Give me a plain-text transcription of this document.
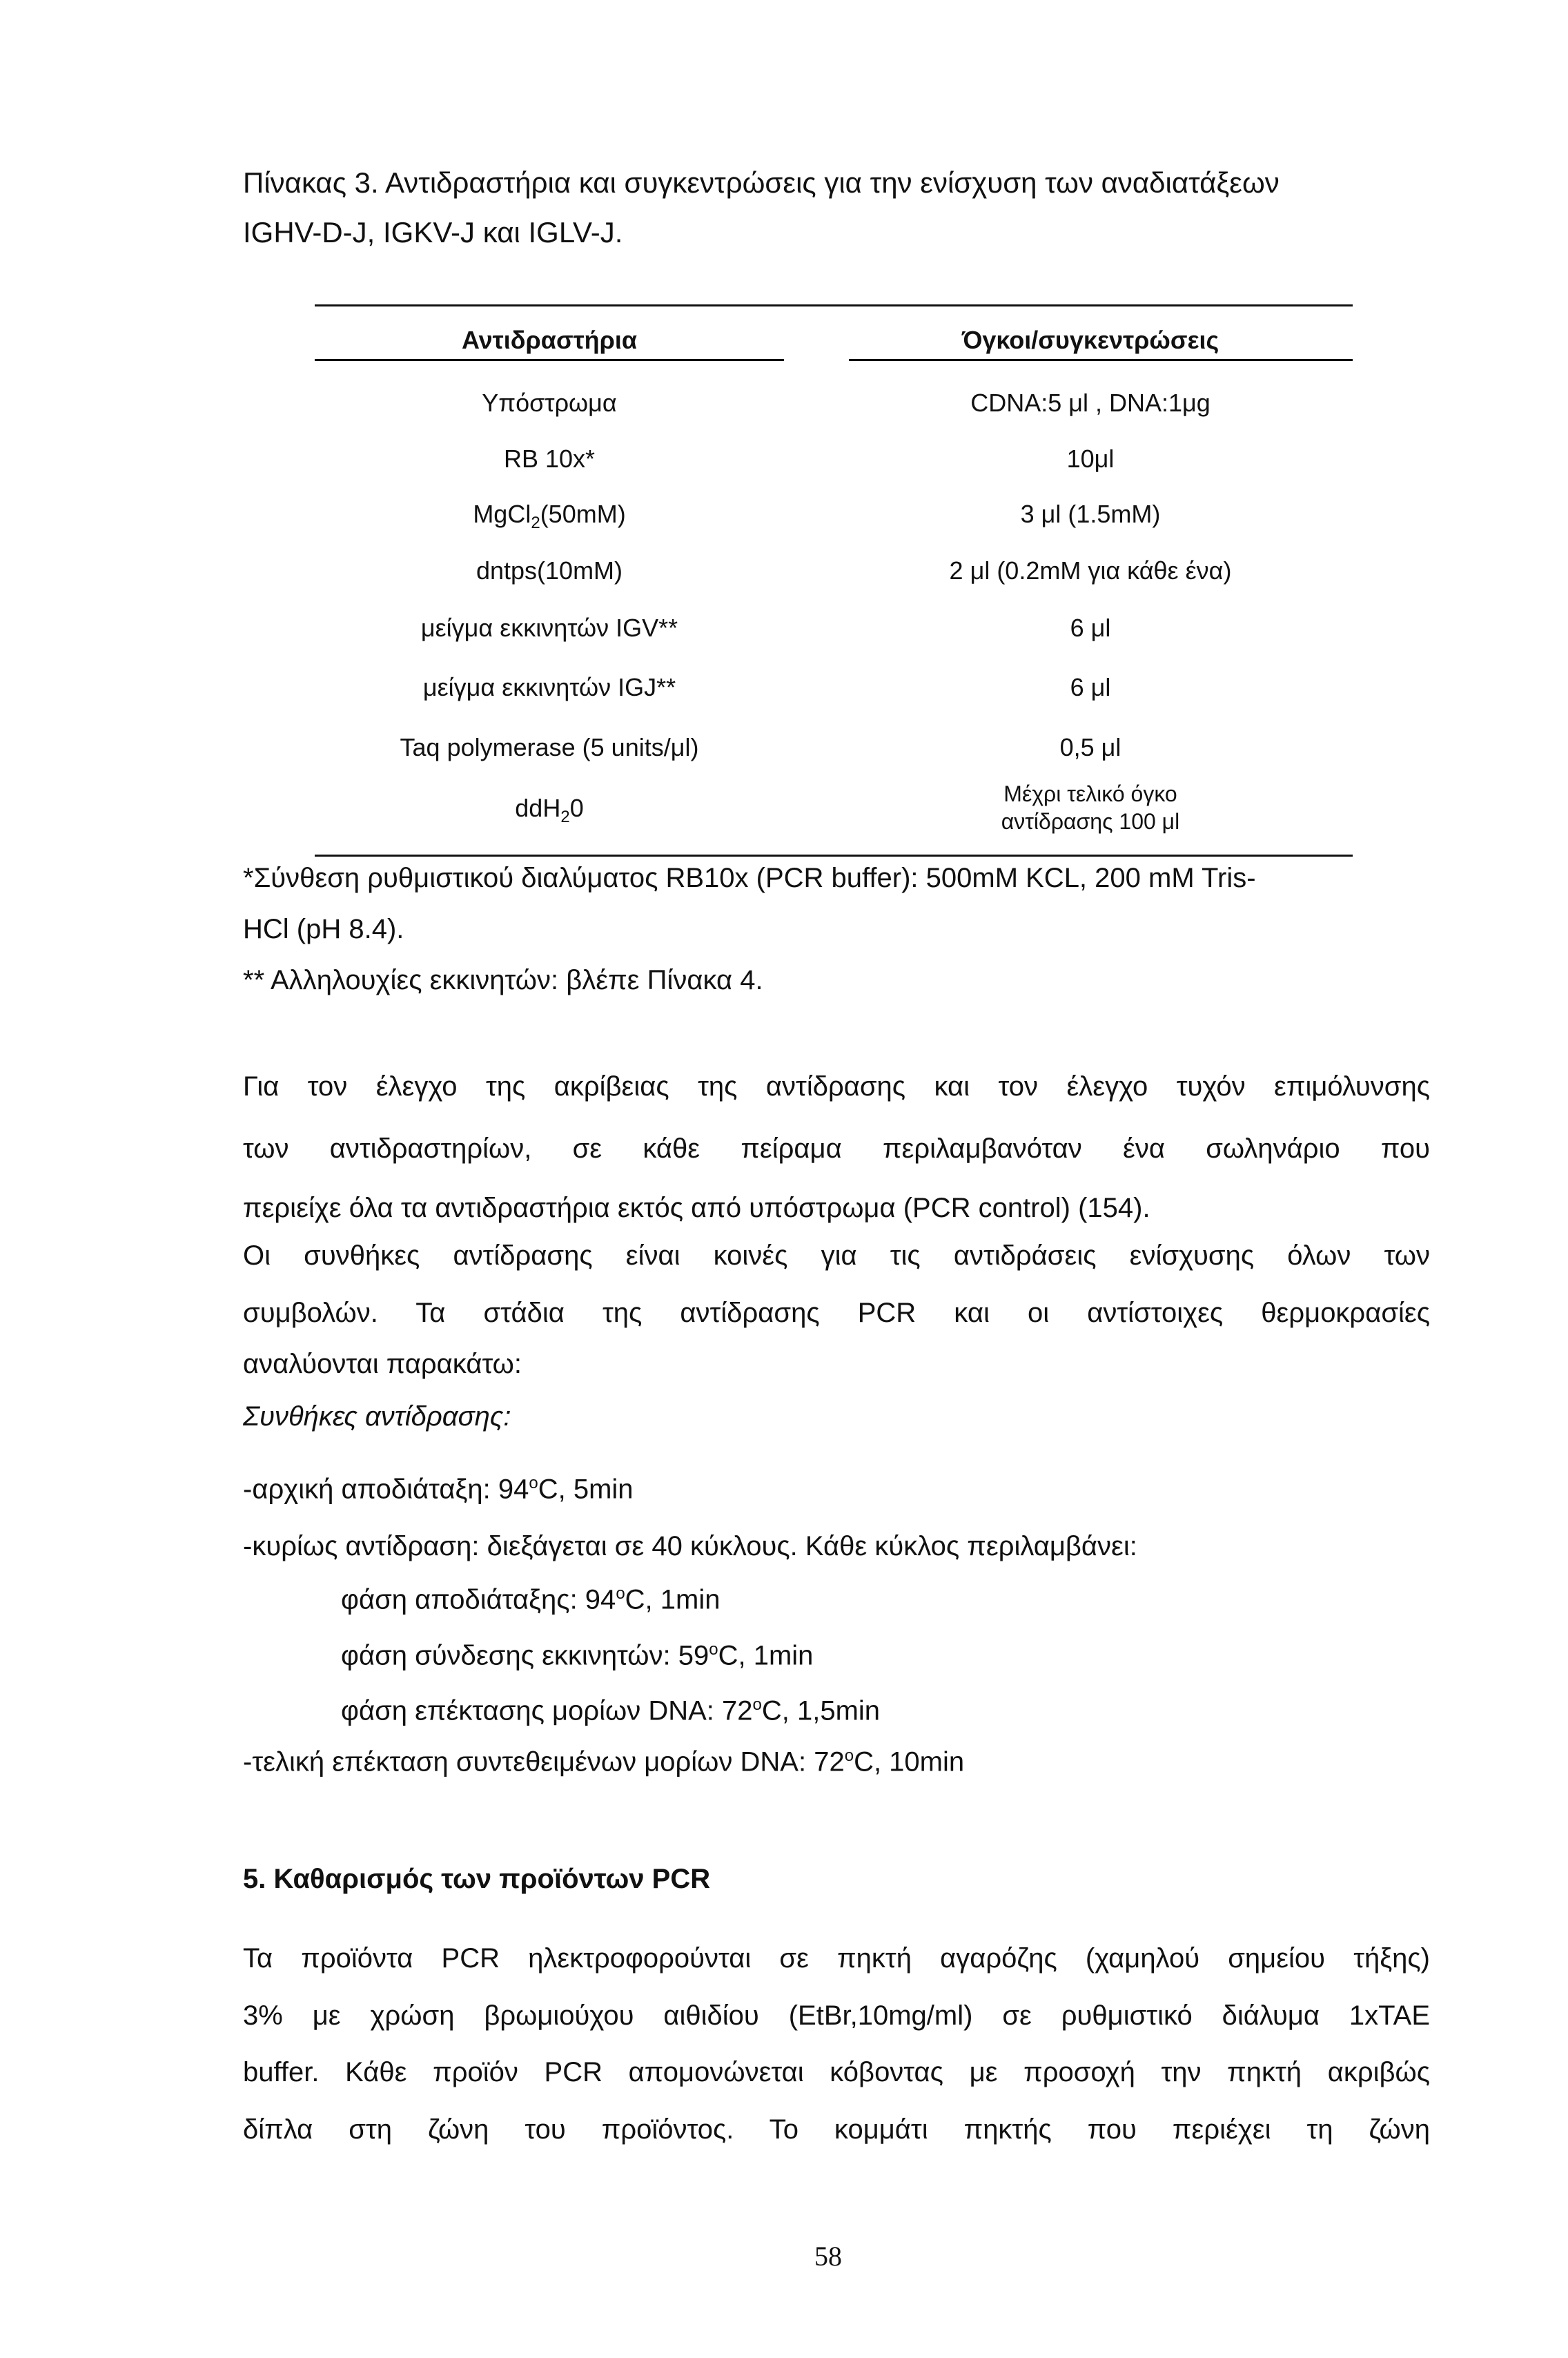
Πίνακας 3. Αντιδραστήρια και συγκεντρώσεις για την ενίσχυση των αναδιατάξεων
IGHV-D-J, IGKV-J και IGLV-J.
Αντιδραστήρια	Όγκοι/συγκεντρώσεις
Υπόστρωμα	CDNA:5 μl , DNA:1μg
RB 10x*	10μl
MgCl$_2$(50mM)	3 μl (1.5mM)
dntps(10mM)	2 μl (0.2mM για κάθε ένα)
μείγμα εκκινητών IGV**	6 μl
μείγμα εκκινητών IGJ**	6 μl
Taq polymerase (5 units/μl)	0,5 μl
ddH$_2$0	Μέχρι τελικό όγκο
αντίδρασης 100 μl
*Σύνθεση ρυθμιστικού διαλύματος RB10x (PCR buffer): 500mM KCL, 200 mM Tris-
HCl (pH 8.4).
** Αλληλουχίες εκκινητών: βλέπε Πίνακα 4.
Για τον έλεγχο της ακρίβειας της αντίδρασης και τον έλεγχο τυχόν επιμόλυνσης
των αντιδραστηρίων, σε κάθε πείραμα περιλαμβανόταν ένα σωληνάριο που
περιείχε όλα τα αντιδραστήρια εκτός από υπόστρωμα (PCR control) (154).
Οι συνθήκες αντίδρασης είναι κοινές για τις αντιδράσεις ενίσχυσης όλων των
συμβολών. Τα στάδια της αντίδρασης PCR και οι αντίστοιχες θερμοκρασίες
αναλύονται παρακάτω:
Συνθήκες αντίδρασης:
-αρχική αποδιάταξη: 94$^o$C, 5min
-κυρίως αντίδραση: διεξάγεται σε 40 κύκλους. Κάθε κύκλος περιλαμβάνει:
φάση αποδιάταξης: 94$^o$C, 1min
φάση σύνδεσης εκκινητών: 59$^o$C, 1min
φάση επέκτασης μορίων DNA: 72$^o$C, 1,5min
-τελική επέκταση συντεθειμένων μορίων DNA: 72$^o$C, 10min
5. Καθαρισμός των προϊόντων PCR
Τα προϊόντα PCR ηλεκτροφορούνται σε πηκτή αγαρόζης (χαμηλού σημείου τήξης)
3% με χρώση βρωμιούχου αιθιδίου (EtBr,10mg/ml) σε ρυθμιστικό διάλυμα 1xTAE
buffer. Κάθε προϊόν PCR απομονώνεται κόβοντας με προσοχή την πηκτή ακριβώς
δίπλα στη ζώνη του προϊόντος. Το κομμάτι πηκτής που περιέχει τη ζώνη
58
